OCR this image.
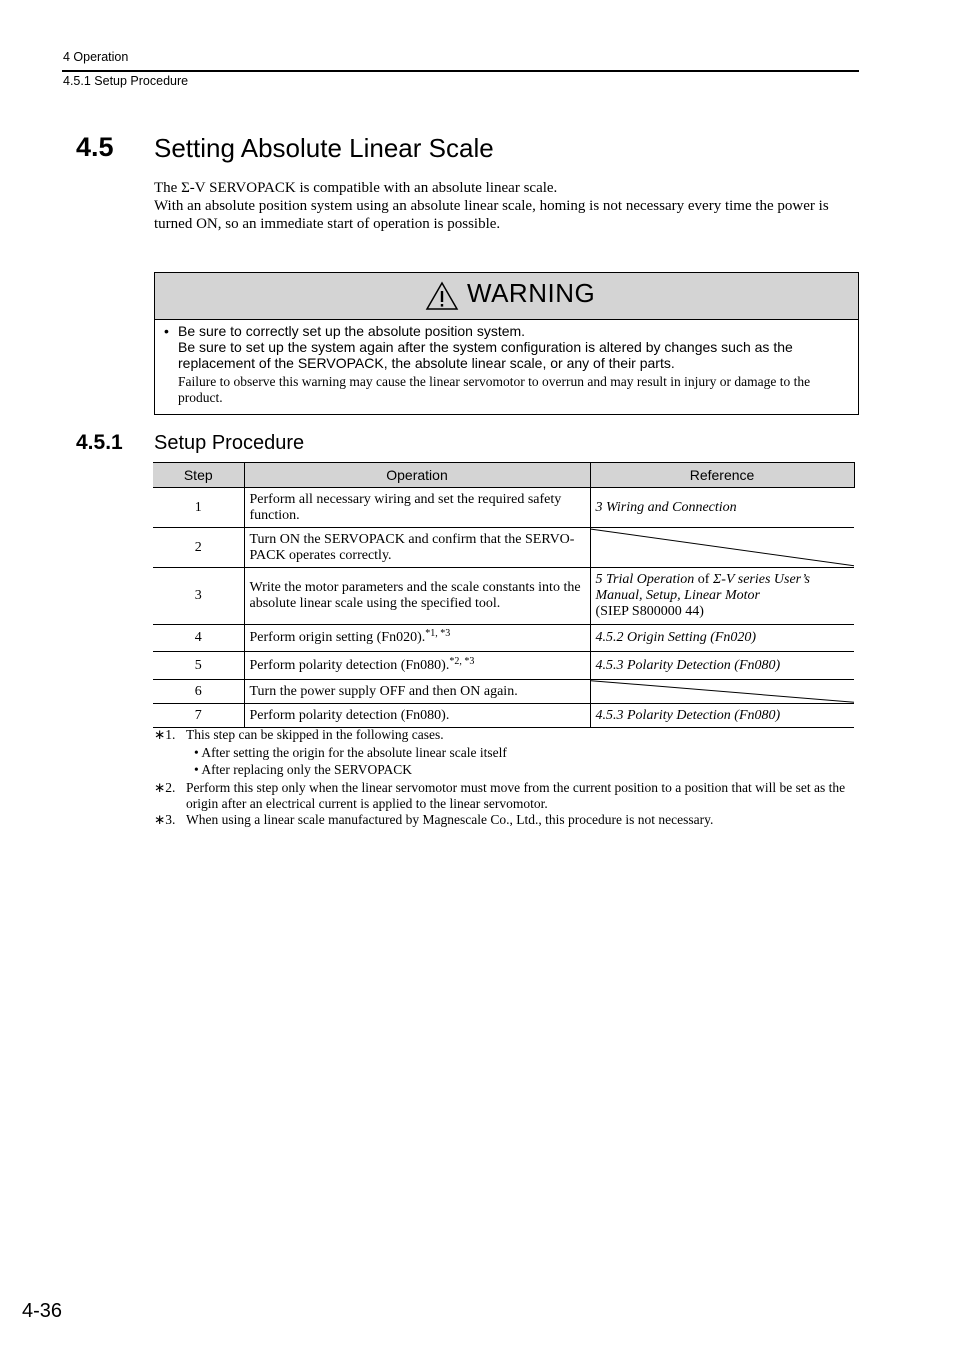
4 Operation
4.5.1 Setup Procedure
4.5 Setting Absolute Linear Scale
The Σ-V SERVOPACK is compatible with an absolute linear scale.
With an absolute position system using an absolute linear scale, homing is not necessary every time the power is turned ON, so an immediate start of operation is possible.
WARNING
• Be sure to correctly set up the absolute position system.
Be sure to set up the system again after the system configuration is altered by changes such as the replacement of the SERVOPACK, the absolute linear scale, or any of their parts.
Failure to observe this warning may cause the linear servomotor to overrun and may result in injury or damage to the product.
4.5.1 Setup Procedure
Step	Operation	Reference
1	Perform all necessary wiring and set the required safety function.	3 Wiring and Connection
2	Turn ON the SERVOPACK and confirm that the SERVO-PACK operates correctly.	

3	Write the motor parameters and the scale constants into the absolute linear scale using the specified tool.	5 Trial Operation of Σ-V series User’s Manual, Setup, Linear Motor
(SIEP S800000 44)
4	Perform origin setting (Fn020).$^{*1, *3}$	4.5.2 Origin Setting (Fn020)
5	Perform polarity detection (Fn080).$^{*2, *3}$	4.5.3 Polarity Detection (Fn080)
6	Turn the power supply OFF and then ON again.	

7	Perform polarity detection (Fn080).	4.5.3 Polarity Detection (Fn080)
∗1. This step can be skipped in the following cases.
• After setting the origin for the absolute linear scale itself
• After replacing only the SERVOPACK
∗2. Perform this step only when the linear servomotor must move from the current position to a position that will be set as the origin after an electrical current is applied to the linear servomotor.
∗3. When using a linear scale manufactured by Magnescale Co., Ltd., this procedure is not necessary.
4-36
